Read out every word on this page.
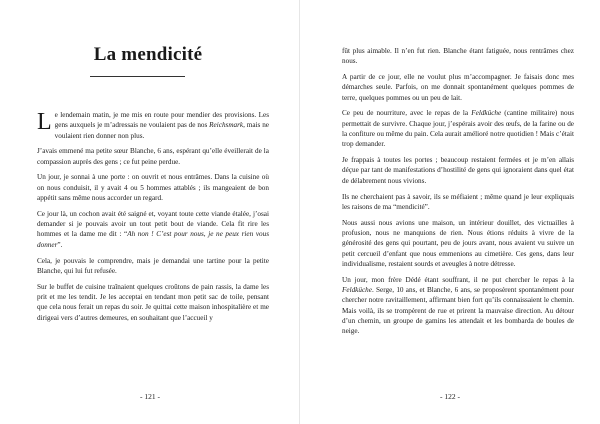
La mendicité

Le lendemain matin, je me mis en route pour mendier des provisions. Les gens auxquels je m’adressais ne voulaient pas de nos Reichsmark, mais ne voulaient rien donner non plus.

J’avais emmené ma petite sœur Blanche, 6 ans, espérant qu’elle éveillerait de la compassion auprès des gens ; ce fut peine perdue.

Un jour, je sonnai à une porte : on ouvrit et nous entrâmes. Dans la cuisine où on nous conduisit, il y avait 4 ou 5 hommes attablés ; ils mangeaient de bon appétit sans même nous accorder un regard.

Ce jour là, un cochon avait été saigné et, voyant toute cette viande étalée, j’osai demander si je pouvais avoir un tout petit bout de viande. Cela fit rire les hommes et la dame me dit : “Ah non ! C’est pour nous, je ne peux rien vous donner”.

Cela, je pouvais le comprendre, mais je demandai une tartine pour la petite Blanche, qui lui fut refusée.

Sur le buffet de cuisine traînaient quelques croûtons de pain rassis, la dame les prit et me les tendit. Je les acceptai en tendant mon petit sac de toile, pensant que cela nous ferait un repas du soir. Je quittai cette maison inhospitalière et me dirigeai vers d’autres demeures, en souhaitant que l’accueil y

- 121 -

fût plus aimable. Il n’en fut rien. Blanche étant fatiguée, nous rentrâmes chez nous.

A partir de ce jour, elle ne voulut plus m’accompagner. Je faisais donc mes démarches seule. Parfois, on me donnait spontanément quelques pommes de terre, quelques pommes ou un peu de lait.

Ce peu de nourriture, avec le repas de la Feldküche (cantine militaire) nous permettait de survivre. Chaque jour, j’espérais avoir des œufs, de la farine ou de la confiture ou même du pain. Cela aurait amélioré notre quotidien ! Mais c’était trop demander.

Je frappais à toutes les portes ; beaucoup restaient fermées et je m’en allais déçue par tant de manifestations d’hostilité de gens qui ignoraient dans quel état de délabrement nous vivions.

Ils ne cherchaient pas à savoir, ils se méfiaient ; même quand je leur expliquais les raisons de ma “mendicité”.

Nous aussi nous avions une maison, un intérieur douillet, des victuailles à profusion, nous ne manquions de rien. Nous étions réduits à vivre de la générosité des gens qui pourtant, peu de jours avant, nous avaient vu suivre un petit cercueil d’enfant que nous emmenions au cimetière. Ces gens, dans leur individualisme, restaient sourds et aveugles à notre détresse.

Un jour, mon frère Dédé étant souffrant, il ne put chercher le repas à la Feldküche. Serge, 10 ans, et Blanche, 6 ans, se proposèrent spontanément pour chercher notre ravitaillement, affirmant bien fort qu’ils connaissaient le chemin. Mais voilà, ils se trompèrent de rue et prirent la mauvaise direction. Au détour d’un chemin, un groupe de gamins les attendait et les bombarda de boules de neige.

- 122 -
